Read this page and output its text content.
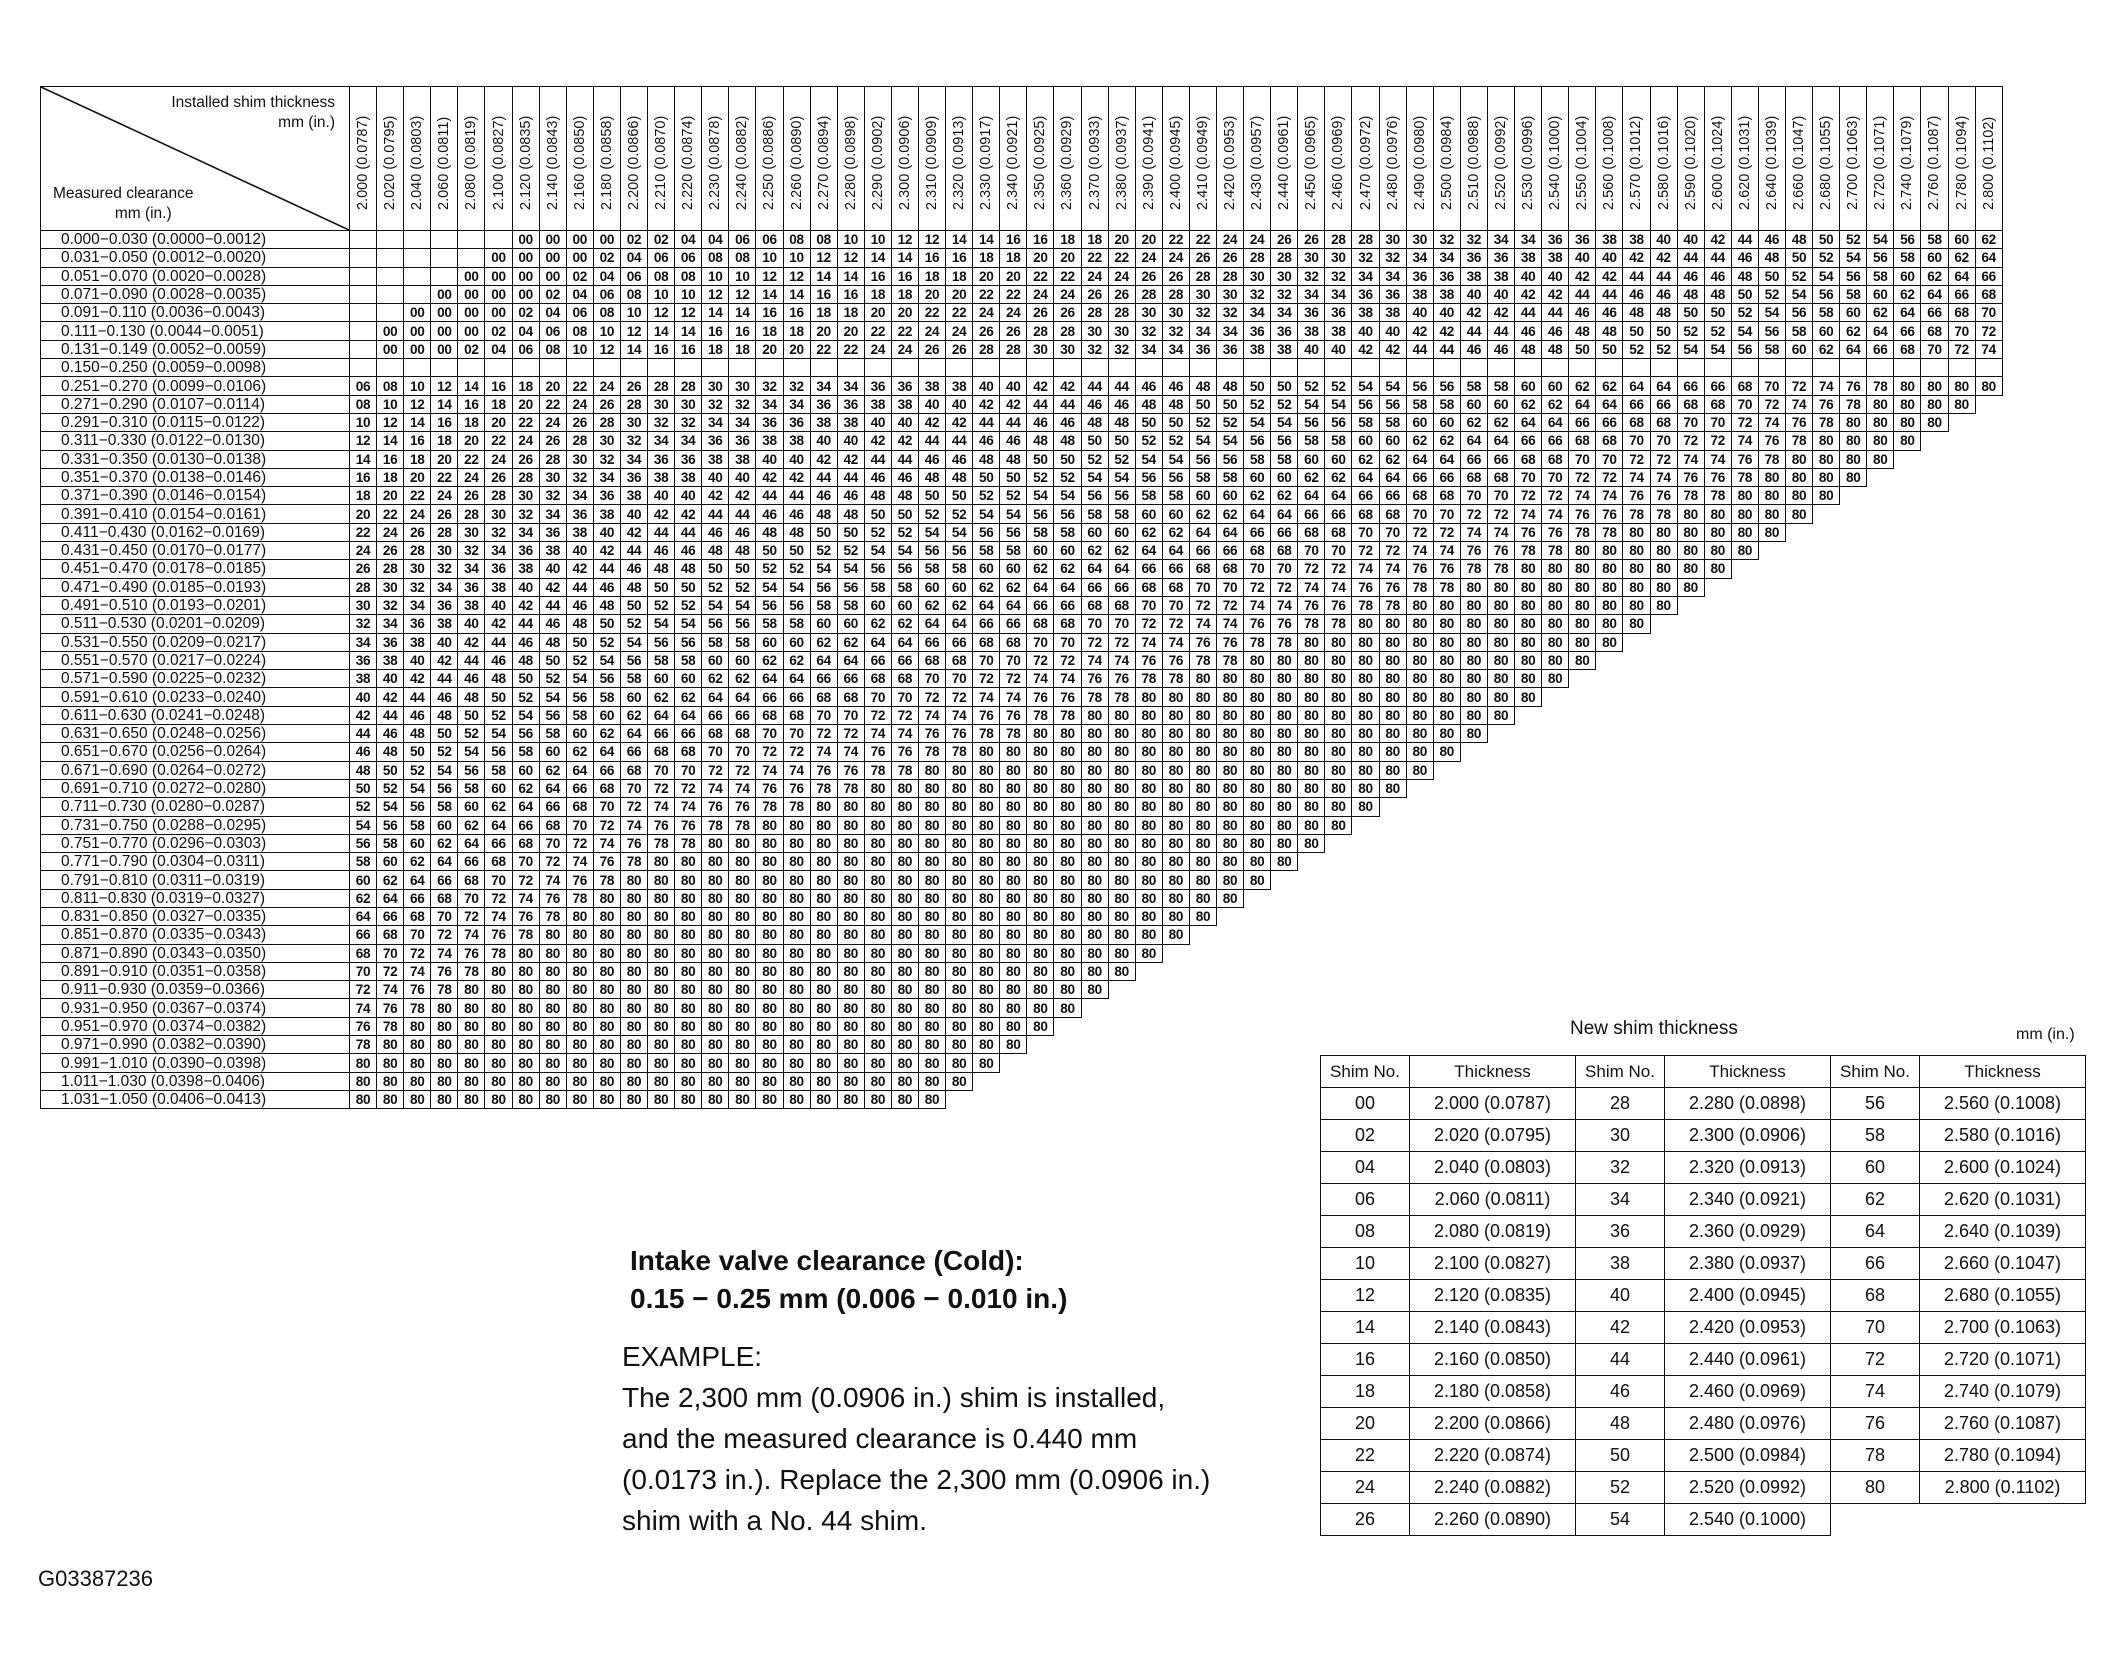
Installed shim thickness
mm (in.)
Measured clearance
mm (in.)	2.000 (0.0787)	2.020 (0.0795)	2.040 (0.0803)	2.060 (0.0811)	2.080 (0.0819)	2.100 (0.0827)	2.120 (0.0835)	2.140 (0.0843)	2.160 (0.0850)	2.180 (0.0858)	2.200 (0.0866)	2.210 (0.0870)	2.220 (0.0874)	2.230 (0.0878)	2.240 (0.0882)	2.250 (0.0886)	2.260 (0.0890)	2.270 (0.0894)	2.280 (0.0898)	2.290 (0.0902)	2.300 (0.0906)	2.310 (0.0909)	2.320 (0.0913)	2.330 (0.0917)	2.340 (0.0921)	2.350 (0.0925)	2.360 (0.0929)	2.370 (0.0933)	2.380 (0.0937)	2.390 (0.0941)	2.400 (0.0945)	2.410 (0.0949)	2.420 (0.0953)	2.430 (0.0957)	2.440 (0.0961)	2.450 (0.0965)	2.460 (0.0969)	2.470 (0.0972)	2.480 (0.0976)	2.490 (0.0980)	2.500 (0.0984)	2.510 (0.0988)	2.520 (0.0992)	2.530 (0.0996)	2.540 (0.1000)	2.550 (0.1004)	2.560 (0.1008)	2.570 (0.1012)	2.580 (0.1016)	2.590 (0.1020)	2.600 (0.1024)	2.620 (0.1031)	2.640 (0.1039)	2.660 (0.1047)	2.680 (0.1055)	2.700 (0.1063)	2.720 (0.1071)	2.740 (0.1079)	2.760 (0.1087)	2.780 (0.1094)	2.800 (0.1102)

0.000−0.030 (0.0000−0.0012)							00	00	00	00	02	02	04	04	06	06	08	08	10	10	12	12	14	14	16	16	18	18	20	20	22	22	24	24	26	26	28	28	30	30	32	32	34	34	36	36	38	38	40	40	42	44	46	48	50	52	54	56	58	60	62
0.031−0.050 (0.0012−0.0020)						00	00	00	00	02	04	06	06	08	08	10	10	12	12	14	14	16	16	18	18	20	20	22	22	24	24	26	26	28	28	30	30	32	32	34	34	36	36	38	38	40	40	42	42	44	44	46	48	50	52	54	56	58	60	62	64
0.051−0.070 (0.0020−0.0028)					00	00	00	00	02	04	06	08	08	10	10	12	12	14	14	16	16	18	18	20	20	22	22	24	24	26	26	28	28	30	30	32	32	34	34	36	36	38	38	40	40	42	42	44	44	46	46	48	50	52	54	56	58	60	62	64	66
0.071−0.090 (0.0028−0.0035)				00	00	00	00	02	04	06	08	10	10	12	12	14	14	16	16	18	18	20	20	22	22	24	24	26	26	28	28	30	30	32	32	34	34	36	36	38	38	40	40	42	42	44	44	46	46	48	48	50	52	54	56	58	60	62	64	66	68
0.091−0.110 (0.0036−0.0043)			00	00	00	00	02	04	06	08	10	12	12	14	14	16	16	18	18	20	20	22	22	24	24	26	26	28	28	30	30	32	32	34	34	36	36	38	38	40	40	42	42	44	44	46	46	48	48	50	50	52	54	56	58	60	62	64	66	68	70
0.111−0.130 (0.0044−0.0051)		00	00	00	00	02	04	06	08	10	12	14	14	16	16	18	18	20	20	22	22	24	24	26	26	28	28	30	30	32	32	34	34	36	36	38	38	40	40	42	42	44	44	46	46	48	48	50	50	52	52	54	56	58	60	62	64	66	68	70	72
0.131−0.149 (0.0052−0.0059)		00	00	00	02	04	06	08	10	12	14	16	16	18	18	20	20	22	22	24	24	26	26	28	28	30	30	32	32	34	34	36	36	38	38	40	40	42	42	44	44	46	46	48	48	50	50	52	52	54	54	56	58	60	62	64	66	68	70	72	74
0.150−0.250 (0.0059−0.0098)																																																													
0.251−0.270 (0.0099−0.0106)	06	08	10	12	14	16	18	20	22	24	26	28	28	30	30	32	32	34	34	36	36	38	38	40	40	42	42	44	44	46	46	48	48	50	50	52	52	54	54	56	56	58	58	60	60	62	62	64	64	66	66	68	70	72	74	76	78	80	80	80	80
0.271−0.290 (0.0107−0.0114)	08	10	12	14	16	18	20	22	24	26	28	30	30	32	32	34	34	36	36	38	38	40	40	42	42	44	44	46	46	48	48	50	50	52	52	54	54	56	56	58	58	60	60	62	62	64	64	66	66	68	68	70	72	74	76	78	80	80	80	80	
0.291−0.310 (0.0115−0.0122)	10	12	14	16	18	20	22	24	26	28	30	32	32	34	34	36	36	38	38	40	40	42	42	44	44	46	46	48	48	50	50	52	52	54	54	56	56	58	58	60	60	62	62	64	64	66	66	68	68	70	70	72	74	76	78	80	80	80	80		
0.311−0.330 (0.0122−0.0130)	12	14	16	18	20	22	24	26	28	30	32	34	34	36	36	38	38	40	40	42	42	44	44	46	46	48	48	50	50	52	52	54	54	56	56	58	58	60	60	62	62	64	64	66	66	68	68	70	70	72	72	74	76	78	80	80	80	80			
0.331−0.350 (0.0130−0.0138)	14	16	18	20	22	24	26	28	30	32	34	36	36	38	38	40	40	42	42	44	44	46	46	48	48	50	50	52	52	54	54	56	56	58	58	60	60	62	62	64	64	66	66	68	68	70	70	72	72	74	74	76	78	80	80	80	80				
0.351−0.370 (0.0138−0.0146)	16	18	20	22	24	26	28	30	32	34	36	38	38	40	40	42	42	44	44	46	46	48	48	50	50	52	52	54	54	56	56	58	58	60	60	62	62	64	64	66	66	68	68	70	70	72	72	74	74	76	76	78	80	80	80	80					
0.371−0.390 (0.0146−0.0154)	18	20	22	24	26	28	30	32	34	36	38	40	40	42	42	44	44	46	46	48	48	50	50	52	52	54	54	56	56	58	58	60	60	62	62	64	64	66	66	68	68	70	70	72	72	74	74	76	76	78	78	80	80	80	80						
0.391−0.410 (0.0154−0.0161)	20	22	24	26	28	30	32	34	36	38	40	42	42	44	44	46	46	48	48	50	50	52	52	54	54	56	56	58	58	60	60	62	62	64	64	66	66	68	68	70	70	72	72	74	74	76	76	78	78	80	80	80	80	80							
0.411−0.430 (0.0162−0.0169)	22	24	26	28	30	32	34	36	38	40	42	44	44	46	46	48	48	50	50	52	52	54	54	56	56	58	58	60	60	62	62	64	64	66	66	68	68	70	70	72	72	74	74	76	76	78	78	80	80	80	80	80	80								
0.431−0.450 (0.0170−0.0177)	24	26	28	30	32	34	36	38	40	42	44	46	46	48	48	50	50	52	52	54	54	56	56	58	58	60	60	62	62	64	64	66	66	68	68	70	70	72	72	74	74	76	76	78	78	80	80	80	80	80	80	80									
0.451−0.470 (0.0178−0.0185)	26	28	30	32	34	36	38	40	42	44	46	48	48	50	50	52	52	54	54	56	56	58	58	60	60	62	62	64	64	66	66	68	68	70	70	72	72	74	74	76	76	78	78	80	80	80	80	80	80	80	80										
0.471−0.490 (0.0185−0.0193)	28	30	32	34	36	38	40	42	44	46	48	50	50	52	52	54	54	56	56	58	58	60	60	62	62	64	64	66	66	68	68	70	70	72	72	74	74	76	76	78	78	80	80	80	80	80	80	80	80	80											
0.491−0.510 (0.0193−0.0201)	30	32	34	36	38	40	42	44	46	48	50	52	52	54	54	56	56	58	58	60	60	62	62	64	64	66	66	68	68	70	70	72	72	74	74	76	76	78	78	80	80	80	80	80	80	80	80	80	80												
0.511−0.530 (0.0201−0.0209)	32	34	36	38	40	42	44	46	48	50	52	54	54	56	56	58	58	60	60	62	62	64	64	66	66	68	68	70	70	72	72	74	74	76	76	78	78	80	80	80	80	80	80	80	80	80	80	80													
0.531−0.550 (0.0209−0.0217)	34	36	38	40	42	44	46	48	50	52	54	56	56	58	58	60	60	62	62	64	64	66	66	68	68	70	70	72	72	74	74	76	76	78	78	80	80	80	80	80	80	80	80	80	80	80	80														
0.551−0.570 (0.0217−0.0224)	36	38	40	42	44	46	48	50	52	54	56	58	58	60	60	62	62	64	64	66	66	68	68	70	70	72	72	74	74	76	76	78	78	80	80	80	80	80	80	80	80	80	80	80	80	80															
0.571−0.590 (0.0225−0.0232)	38	40	42	44	46	48	50	52	54	56	58	60	60	62	62	64	64	66	66	68	68	70	70	72	72	74	74	76	76	78	78	80	80	80	80	80	80	80	80	80	80	80	80	80	80																
0.591−0.610 (0.0233−0.0240)	40	42	44	46	48	50	52	54	56	58	60	62	62	64	64	66	66	68	68	70	70	72	72	74	74	76	76	78	78	80	80	80	80	80	80	80	80	80	80	80	80	80	80	80																	
0.611−0.630 (0.0241−0.0248)	42	44	46	48	50	52	54	56	58	60	62	64	64	66	66	68	68	70	70	72	72	74	74	76	76	78	78	80	80	80	80	80	80	80	80	80	80	80	80	80	80	80	80																		
0.631−0.650 (0.0248−0.0256)	44	46	48	50	52	54	56	58	60	62	64	66	66	68	68	70	70	72	72	74	74	76	76	78	78	80	80	80	80	80	80	80	80	80	80	80	80	80	80	80	80	80																			
0.651−0.670 (0.0256−0.0264)	46	48	50	52	54	56	58	60	62	64	66	68	68	70	70	72	72	74	74	76	76	78	78	80	80	80	80	80	80	80	80	80	80	80	80	80	80	80	80	80	80																				
0.671−0.690 (0.0264−0.0272)	48	50	52	54	56	58	60	62	64	66	68	70	70	72	72	74	74	76	76	78	78	80	80	80	80	80	80	80	80	80	80	80	80	80	80	80	80	80	80	80																					
0.691−0.710 (0.0272−0.0280)	50	52	54	56	58	60	62	64	66	68	70	72	72	74	74	76	76	78	78	80	80	80	80	80	80	80	80	80	80	80	80	80	80	80	80	80	80	80	80																						
0.711−0.730 (0.0280−0.0287)	52	54	56	58	60	62	64	66	68	70	72	74	74	76	76	78	78	80	80	80	80	80	80	80	80	80	80	80	80	80	80	80	80	80	80	80	80	80																							
0.731−0.750 (0.0288−0.0295)	54	56	58	60	62	64	66	68	70	72	74	76	76	78	78	80	80	80	80	80	80	80	80	80	80	80	80	80	80	80	80	80	80	80	80	80	80																								
0.751−0.770 (0.0296−0.0303)	56	58	60	62	64	66	68	70	72	74	76	78	78	80	80	80	80	80	80	80	80	80	80	80	80	80	80	80	80	80	80	80	80	80	80	80																									
0.771−0.790 (0.0304−0.0311)	58	60	62	64	66	68	70	72	74	76	78	80	80	80	80	80	80	80	80	80	80	80	80	80	80	80	80	80	80	80	80	80	80	80	80																										
0.791−0.810 (0.0311−0.0319)	60	62	64	66	68	70	72	74	76	78	80	80	80	80	80	80	80	80	80	80	80	80	80	80	80	80	80	80	80	80	80	80	80	80																											
0.811−0.830 (0.0319−0.0327)	62	64	66	68	70	72	74	76	78	80	80	80	80	80	80	80	80	80	80	80	80	80	80	80	80	80	80	80	80	80	80	80	80																												
0.831−0.850 (0.0327−0.0335)	64	66	68	70	72	74	76	78	80	80	80	80	80	80	80	80	80	80	80	80	80	80	80	80	80	80	80	80	80	80	80	80																													
0.851−0.870 (0.0335−0.0343)	66	68	70	72	74	76	78	80	80	80	80	80	80	80	80	80	80	80	80	80	80	80	80	80	80	80	80	80	80	80	80																														
0.871−0.890 (0.0343−0.0350)	68	70	72	74	76	78	80	80	80	80	80	80	80	80	80	80	80	80	80	80	80	80	80	80	80	80	80	80	80	80																															
0.891−0.910 (0.0351−0.0358)	70	72	74	76	78	80	80	80	80	80	80	80	80	80	80	80	80	80	80	80	80	80	80	80	80	80	80	80	80																																
0.911−0.930 (0.0359−0.0366)	72	74	76	78	80	80	80	80	80	80	80	80	80	80	80	80	80	80	80	80	80	80	80	80	80	80	80	80																																	
0.931−0.950 (0.0367−0.0374)	74	76	78	80	80	80	80	80	80	80	80	80	80	80	80	80	80	80	80	80	80	80	80	80	80	80	80																																		
0.951−0.970 (0.0374−0.0382)	76	78	80	80	80	80	80	80	80	80	80	80	80	80	80	80	80	80	80	80	80	80	80	80	80	80																																			
0.971−0.990 (0.0382−0.0390)	78	80	80	80	80	80	80	80	80	80	80	80	80	80	80	80	80	80	80	80	80	80	80	80	80																																				
0.991−1.010 (0.0390−0.0398)	80	80	80	80	80	80	80	80	80	80	80	80	80	80	80	80	80	80	80	80	80	80	80	80																																					
1.011−1.030 (0.0398−0.0406)	80	80	80	80	80	80	80	80	80	80	80	80	80	80	80	80	80	80	80	80	80	80	80																																						
1.031−1.050 (0.0406−0.0413)	80	80	80	80	80	80	80	80	80	80	80	80	80	80	80	80	80	80	80	80	80	80																																							
New shim thickness	mm (in.)
Shim No.	Thickness	Shim No.	Thickness	Shim No.	Thickness
00	2.000 (0.0787)	28	2.280 (0.0898)	56	2.560 (0.1008)
02	2.020 (0.0795)	30	2.300 (0.0906)	58	2.580 (0.1016)
04	2.040 (0.0803)	32	2.320 (0.0913)	60	2.600 (0.1024)
06	2.060 (0.0811)	34	2.340 (0.0921)	62	2.620 (0.1031)
08	2.080 (0.0819)	36	2.360 (0.0929)	64	2.640 (0.1039)
10	2.100 (0.0827)	38	2.380 (0.0937)	66	2.660 (0.1047)
12	2.120 (0.0835)	40	2.400 (0.0945)	68	2.680 (0.1055)
14	2.140 (0.0843)	42	2.420 (0.0953)	70	2.700 (0.1063)
16	2.160 (0.0850)	44	2.440 (0.0961)	72	2.720 (0.1071)
18	2.180 (0.0858)	46	2.460 (0.0969)	74	2.740 (0.1079)
20	2.200 (0.0866)	48	2.480 (0.0976)	76	2.760 (0.1087)
22	2.220 (0.0874)	50	2.500 (0.0984)	78	2.780 (0.1094)
24	2.240 (0.0882)	52	2.520 (0.0992)	80	2.800 (0.1102)
26	2.260 (0.0890)	54	2.540 (0.1000)		
Intake valve clearance (Cold):
0.15 − 0.25 mm (0.006 − 0.010 in.)
EXAMPLE:
The 2,300 mm (0.0906 in.) shim is installed,
and the measured clearance is 0.440 mm
(0.0173 in.). Replace the 2,300 mm (0.0906 in.)
shim with a No. 44 shim.
G03387236
